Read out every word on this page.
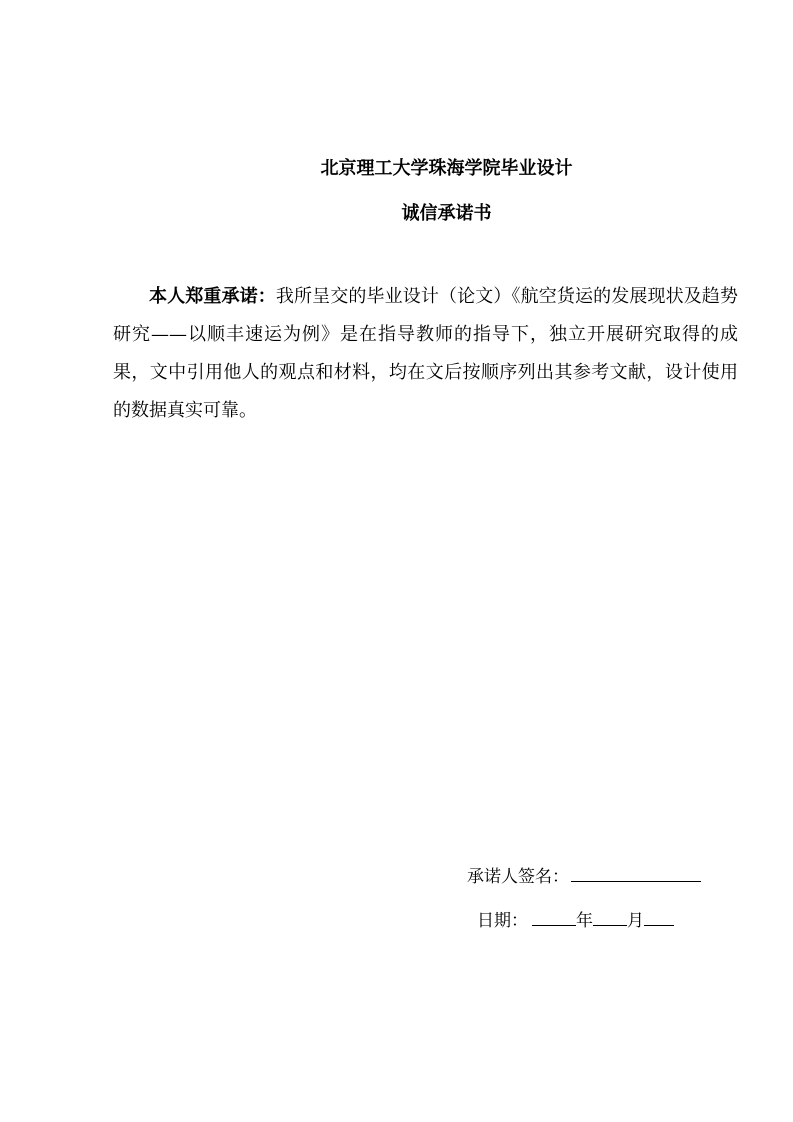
北京理工大学珠海学院毕业设计
诚信承诺书

本人郑重承诺：我所呈交的毕业设计（论文）《航空货运的发展现状及趋势研究——以顺丰速运为例》是在指导教师的指导下，独立开展研究取得的成果，文中引用他人的观点和材料，均在文后按顺序列出其参考文献，设计使用的数据真实可靠。

承诺人签名：
日期：	年 月
